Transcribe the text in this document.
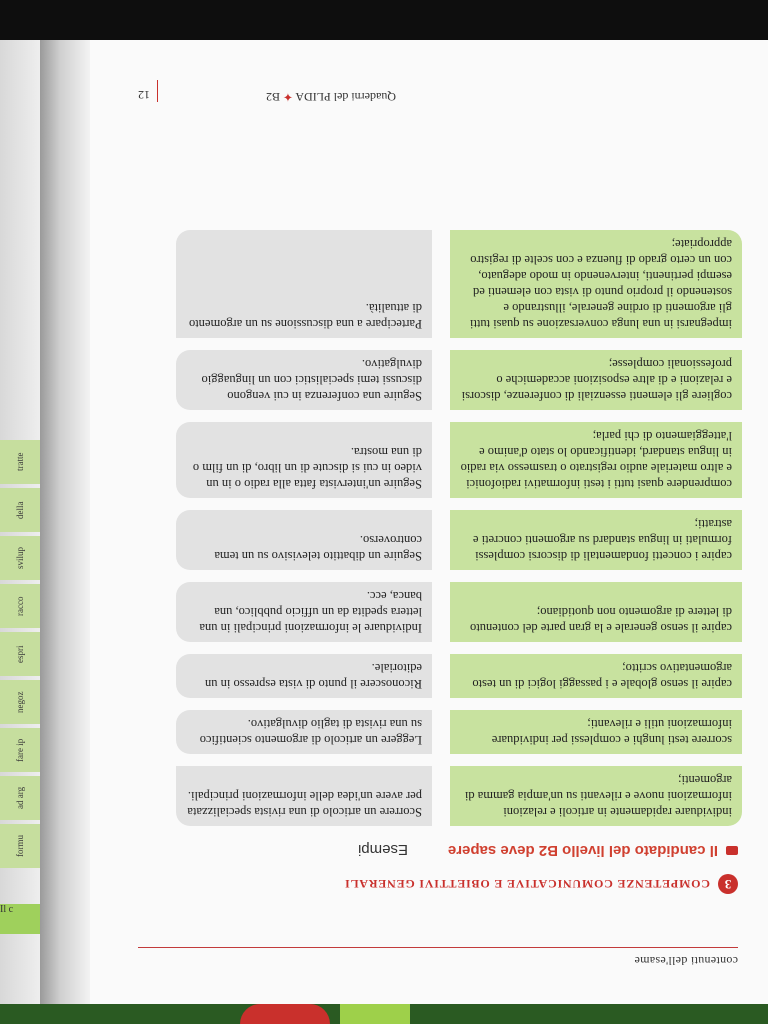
tratte
della
svilup
racco
espri
negoz
fare ip
ad arg
formu
Il c
contenuti dell'esame
3
COMPETENZE COMUNICATIVE E OBIETTIVI GENERALI
Il candidato del livello B2 deve sapere
Esempi
individuare rapidamente in articoli e relazioni informazioni nuove e rilevanti su un'ampia gamma di argomenti;
Scorrere un articolo di una rivista specializzata per avere un'idea delle informazioni principali.
scorrere testi lunghi e complessi per individuare informazioni utili e rilevanti;
Leggere un articolo di argomento scientifico su una rivista di taglio divulgativo.
capire il senso globale e i passaggi logici di un testo argomentativo scritto;
Riconoscere il punto di vista espresso in un editoriale.
capire il senso generale e la gran parte del contenuto di lettere di argomento non quotidiano;
Individuare le informazioni principali in una lettera spedita da un ufficio pubblico, una banca, ecc.
capire i concetti fondamentali di discorsi complessi formulati in lingua standard su argomenti concreti e astratti;
Seguire un dibattito televisivo su un tema controverso.
comprendere quasi tutti i testi informativi radiofonici e altro materiale audio registrato o trasmesso via radio in lingua standard, identificando lo stato d'animo e l'atteggiamento di chi parla;
Seguire un'intervista fatta alla radio o in un video in cui si discute di un libro, di un film o di una mostra.
cogliere gli elementi essenziali di conferenze, discorsi e relazioni e di altre esposizioni accademiche o professionali complesse;
Seguire una conferenza in cui vengono discussi temi specialistici con un linguaggio divulgativo.
impegnarsi in una lunga conversazione su quasi tutti gli argomenti di ordine generale, illustrando e sostenendo il proprio punto di vista con elementi ed esempi pertinenti, intervenendo in modo adeguato, con un certo grado di fluenza e con scelte di registro appropriate;
Partecipare a una discussione su un argomento di attualità.
Quaderni del PLIDA ✦ B2
12
